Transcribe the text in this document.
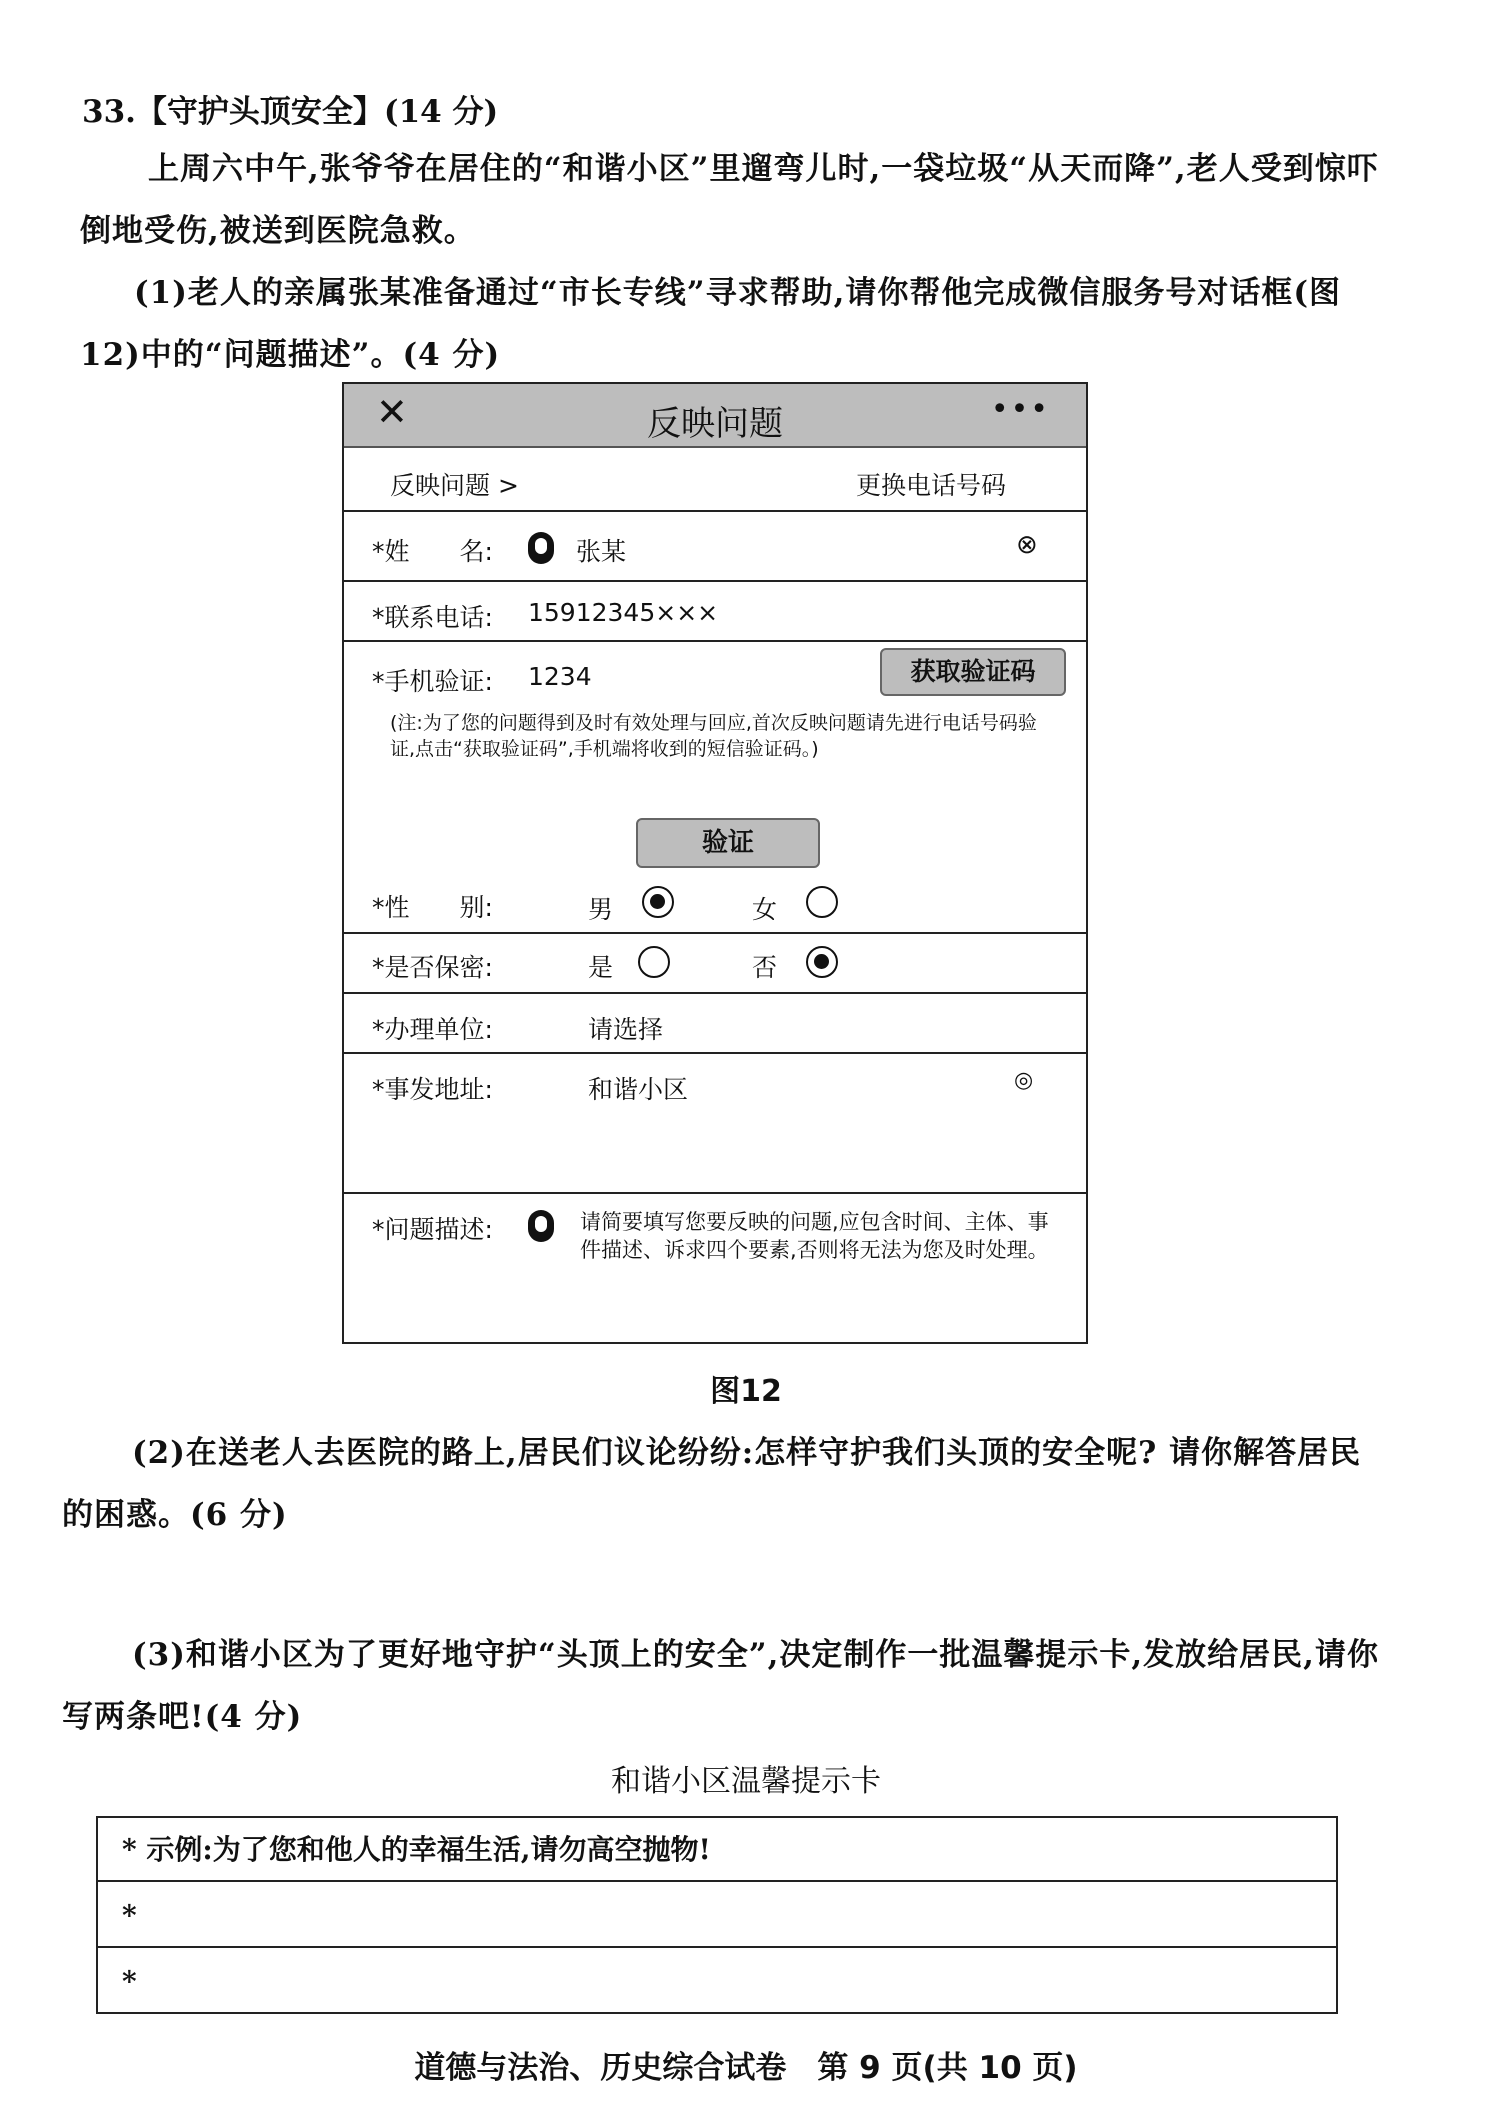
33.【守护头顶安全】(14 分)
上周六中午,张爷爷在居住的“和谐小区”里遛弯儿时,一袋垃圾“从天而降”,老人受到惊吓倒地受伤,被送到医院急救。
(1)老人的亲属张某准备通过“市长专线”寻求帮助,请你帮他完成微信服务号对话框(图 12)中的“问题描述”。(4 分)
✕	反映问题	•••
反映问题 >	更换电话号码
*姓　　名:	张某	⊗
*联系电话: 15912345×××
*手机验证: 1234	获取验证码
(注:为了您的问题得到及时有效处理与回应,首次反映问题请先进行电话号码验证,点击“获取验证码”,手机端将收到的短信验证码。)
验证
*性　　别:	男	女
*是否保密:	是	否
*办理单位:	请选择
*事发地址:	和谐小区	◎
*问题描述:	请简要填写您要反映的问题,应包含时间、主体、事件描述、诉求四个要素,否则将无法为您及时处理。
图12
(2)在送老人去医院的路上,居民们议论纷纷:怎样守护我们头顶的安全呢? 请你解答居民的困惑。(6 分)
(3)和谐小区为了更好地守护“头顶上的安全”,决定制作一批温馨提示卡,发放给居民,请你写两条吧!(4 分)
和谐小区温馨提示卡
* 示例:为了您和他人的幸福生活,请勿高空抛物!
*
*
道德与法治、历史综合试卷　第 9 页(共 10 页)
